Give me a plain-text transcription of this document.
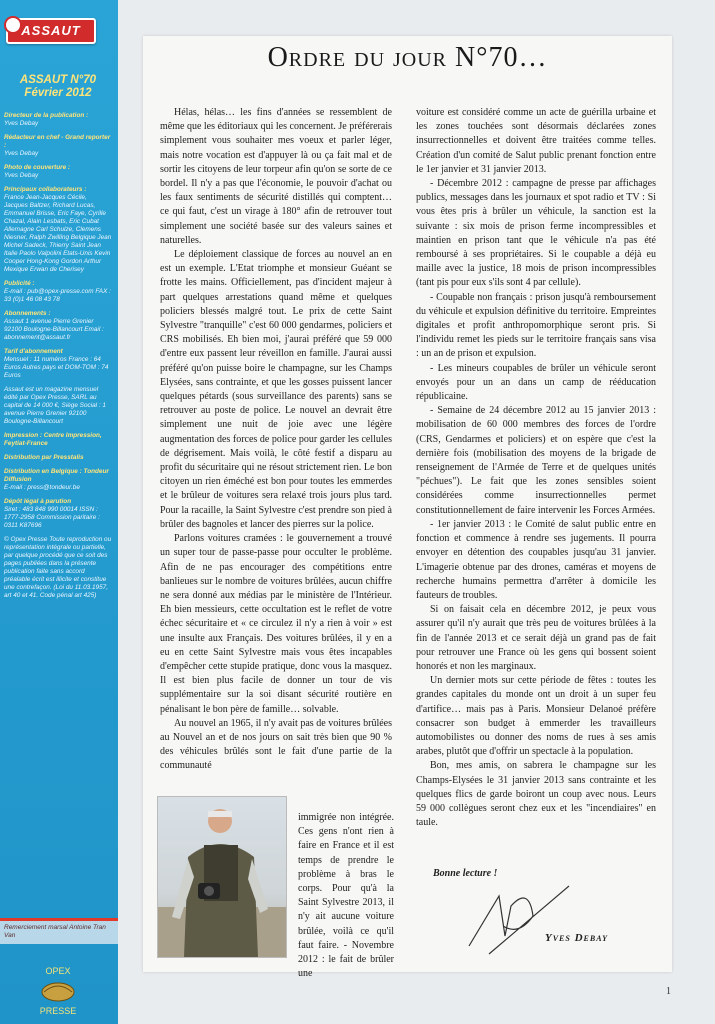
ASSAUT
ASSAUT N°70
Février 2012
Directeur de la publication :
Yves Debay
Rédacteur en chef - Grand reporter :
Yves Debay
Photo de couverture :
Yves Debay
Principaux collaborateurs :
France Jean-Jacques Cécile, Jacques Baltzer, Richard Lucas, Emmanuel Brisse, Eric Faye, Cyrille Chazal, Alain Lesbats, Eric Cubat Allemagne Carl Schulze, Clemens Niesner, Ralph Zwilling Belgique Jean Michel Sadeck, Thierry Saint Jean Italie Paolo Valpolini Etats-Unis Kevin Cooper Hong-Kong Gordon Arthur Mexique Erwan de Cherisey
Publicité :
E-mail : pub@opex-presse.com FAX : 33 (0)1 46 08 43 78
Abonnements :
Assaut 1 avenue Pierre Grenier 92100 Boulogne-Billancourt Email : abonnement@assaut.fr
Tarif d'abonnement
Mensuel : 11 numéros France : 64 Euros Autres pays et DOM-TOM : 74 Euros
Assaut est un magazine mensuel édité par Opex Presse, SARL au capital de 14 000 €, Siège Social : 1 avenue Pierre Grenier 92100 Boulogne-Billancourt
Impression : Centre Impression, Feytiat-France
Distribution par Presstalis
Distribution en Belgique : Tondeur Diffusion
E-mail : press@tondeur.be
Dépôt légal à parution
Siret : 483 848 990 00014 ISSN : 1777-2958 Commission paritaire : 0311 K87696
© Opex Presse Toute reproduction ou représentation intégrale ou partielle, par quelque procédé que ce soit des pages publiées dans la présente publication faite sans accord préalable écrit est illicite et constitue une contrefaçon. (Loi du 11.03.1957, art 40 et 41. Code pénal art 425)
Remerciement marsal Antoine Tran Van
OPEX
PRESSE
Ordre du jour N°70…

Hélas, hélas… les fins d'années se ressemblent de même que les éditoriaux qui les concernent. Je préférerais simplement vous souhaiter mes voeux et parler léger, mais notre vocation est d'appuyer là ou ça fait mal et de sortir les citoyens de leur torpeur afin qu'on se sorte de ce bordel. Il n'y a pas que l'économie, le pouvoir d'achat ou les faux sentiments de sécurité distillés qui comptent… ce qui faut, c'est un virage à 180° afin de retrouver tout simplement une société basée sur des valeurs saines et naturelles.

Le déploiement classique de forces au nouvel an en est un exemple. L'Etat triomphe et monsieur Guéant se frotte les mains. Officiellement, pas d'incident majeur à part quelques arrestations quand même et quelques policiers blessés malgré tout. Le prix de cette Saint Sylvestre "tranquille" c'est 60 000 gendarmes, policiers et CRS mobilisés. Eh bien moi, j'aurai préféré que 59 000 d'entre eux passent leur réveillon en famille. J'aurai aussi préféré qu'on puisse boire le champagne, sur les Champs Elysées, sans contrainte, et que les gosses puissent lancer quelques pétards (sous surveillance des parents) sans se retrouver au poste de police. Le nouvel an devrait être simplement une nuit de joie avec une légère augmentation des forces de police pour garder les cellules de dégrisement. Mais voilà, le côté festif a disparu au profit du sécuritaire qui ne résout strictement rien. Le bon citoyen un rien éméché est bon pour toutes les emmerdes et le brûleur de voitures sera relaxé trois jours plus tard. Pour la racaille, la Saint Sylvestre c'est prendre son pied à brûler des bagnoles et lancer des pierres sur la police.

Parlons voitures cramées : le gouvernement a trouvé un super tour de passe-passe pour occulter le problème. Afin de ne pas encourager des compétitions entre banlieues sur le nombre de voitures brûlées, aucun chiffre ne sera donné aux médias par le ministère de l'Intérieur. Eh bien messieurs, cette occultation est le reflet de votre échec sécuritaire et « ce circulez il n'y a rien à voir » est une insulte aux Français. Des voitures brûlées, il y en a eu en cette Saint Sylvestre mais vous êtes incapables d'empêcher cette stupide pratique, donc vous la masquez. Il est bien plus facile de donner un tour de vis supplémentaire sur la soi disant sécurité routière en pénalisant le bon père de famille… solvable.

Au nouvel an 1965, il n'y avait pas de voitures brûlées au Nouvel an et de nos jours on sait très bien que 90 % des véhicules brûlés sont le fait d'une partie de la communauté

immigrée non intégrée. Ces gens n'ont rien à faire en France et il est temps de prendre le problème à bras le corps. Pour qu'à la Saint Sylvestre 2013, il n'y ait aucune voiture brûlée, voilà ce qu'il faut faire. - Novembre 2012 : le fait de brûler une

voiture est considéré comme un acte de guérilla urbaine et les zones touchées sont désormais déclarées zones insurrectionnelles et doivent être traitées comme telles. Création d'un comité de Salut public prenant fonction entre le 1er janvier et 31 janvier 2013.

- Décembre 2012 : campagne de presse par affichages publics, messages dans les journaux et spot radio et TV : Si vous êtes pris à brûler un véhicule, la sanction est la suivante : six mois de prison ferme incompressibles et maintien en prison tant que le véhicule n'a pas été remboursé à ses propriétaires. Si le coupable a déjà eu maille avec la justice, 18 mois de prison incompressibles (tant pis pour eux s'ils sont 4 par cellule).

- Coupable non français : prison jusqu'à remboursement du véhicule et expulsion définitive du territoire. Empreintes digitales et profit anthropomorphique seront pris. Si l'individu remet les pieds sur le territoire français sans visa : un an de prison et expulsion.

- Les mineurs coupables de brûler un véhicule seront envoyés pour un an dans un camp de rééducation républicaine.

- Semaine de 24 décembre 2012 au 15 janvier 2013 : mobilisation de 60 000 membres des forces de l'ordre (CRS, Gendarmes et policiers) et on espère que c'est la dernière fois (mobilisation des moyens de la brigade de renseignement de l'Armée de Terre et de quelques unités "péchues"). Le fait que les zones sensibles soient considérées comme insurrectionnelles permet constitutionnellement de faire intervenir les Forces Armées.

- 1er janvier 2013 : le Comité de salut public entre en fonction et commence à rendre ses jugements. Il pourra envoyer en détention des coupables jusqu'au 31 janvier. L'imagerie obtenue par des drones, caméras et moyens de recherche humains permettra d'arrêter à domicile les fauteurs de troubles.

Si on faisait cela en décembre 2012, je peux vous assurer qu'il n'y aurait que très peu de voitures brûlées à la fin de l'année 2013 et ce serait déjà un grand pas de fait pour retrouver une France où les gens qui bossent soient honorés et non les marginaux.

Un dernier mots sur cette période de fêtes : toutes les grandes capitales du monde ont un droit à un super feu d'artifice… mais pas à Paris. Monsieur Delanoé préfère consacrer son budget à emmerder les travailleurs automobilistes ou donner des noms de rues à ses amis arabes, plutôt que d'offrir un spectacle à la population.

Bon, mes amis, on sabrera le champagne sur les Champs-Elysées le 31 janvier 2013 sans contrainte et les quelques flics de garde boiront un coup avec nous. Leurs 59 000 collègues seront chez eux et les "incendiaires" en taule.

Bonne lecture !
Yves Debay
1
